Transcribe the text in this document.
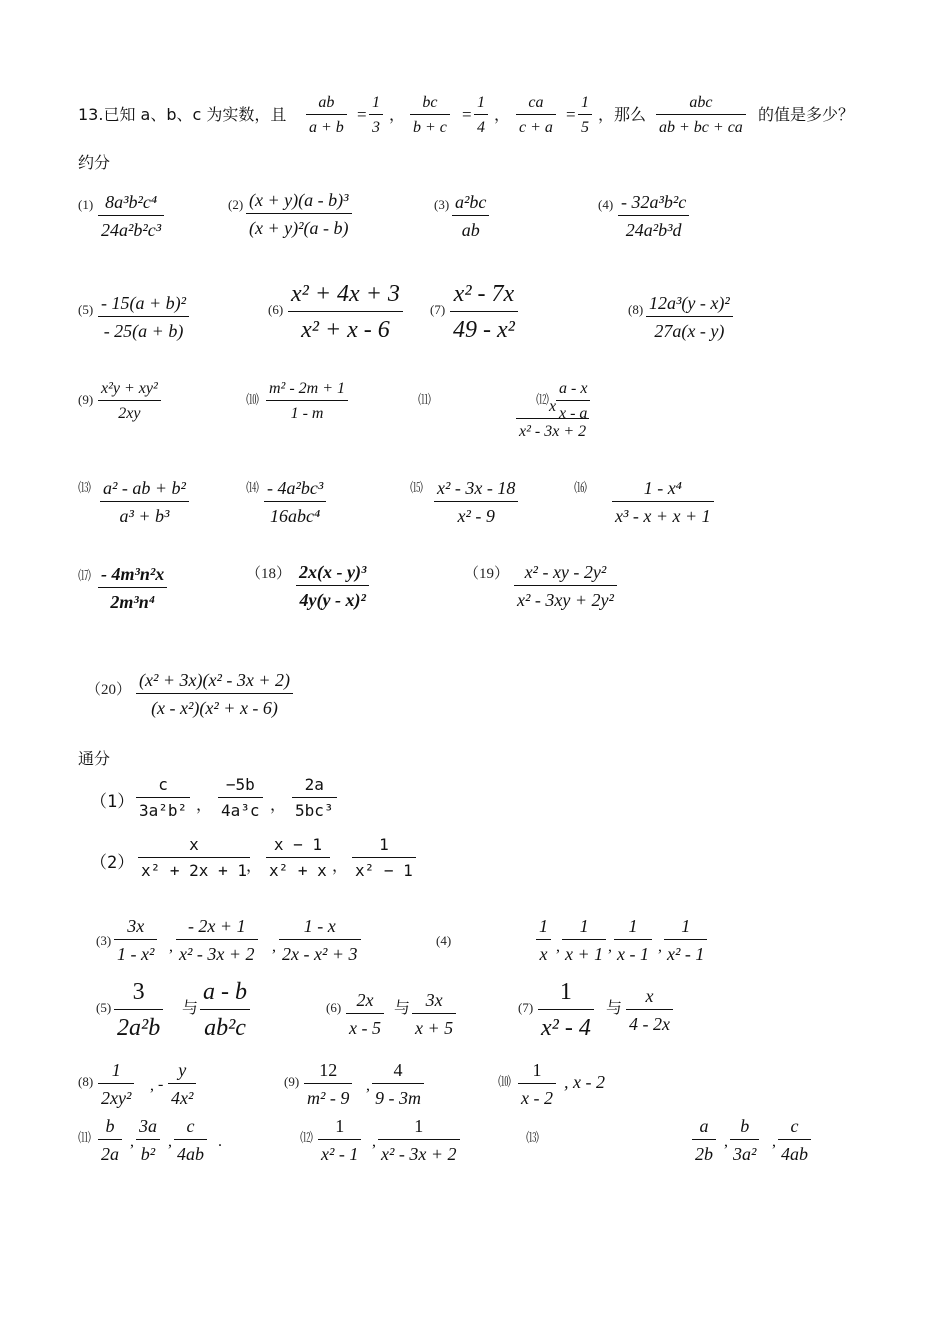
13.已知 a、b、c 为实数，且
ab
a + b
=
1
3
，
bc
b + c
=
1
4
，
ca
c + a
=
1
5
，那么
abc
ab + bc + ca
的值是多少？
约分
(1) 8a³b²c⁴
24a²b²c³
(2) (x + y)(a - b)³
(x + y)²(a - b)
(3) a²bc
ab
(4) - 32a³b²c
24a²b³d
(5) - 15(a + b)²
- 25(a + b)
(6)
x² + 4x + 3
x² + x - 6
(7)
x² - 7x
49 - x²
(8) 12a³(y - x)²
27a(x - y)
(9)
x²y + xy²
2xy
⑽
m² - 2m + 1
1 - m
⑾
a - x
x - a
⑿ x
x² - 3x + 2
⒀ a² - ab + b²
a³ + b³
⒁ - 4a²bc³
16abc⁴
⒂ x² - 3x - 18
x² - 9
⒃	1 - x⁴
x³ - x + x + 1
⒄ - 4m³n²x
2m³n⁴
（18） 2x(x - y)³
4y(y - x)²
（19） x² - xy - 2y²
x² - 3xy + 2y²
（20） (x² + 3x)(x² - 3x + 2)
(x - x²)(x² + x - 6)
通分
（1）
c
3a²b² ，
−5b
4a³c ，
2a
5bc³
（2）
x
x² + 2x + 1 ，
x − 1
x² + x ，
1
x² − 1
(3)
3x
1 - x² ,
- 2x + 1
x² - 3x + 2 ,
1 - x
2x - x² + 3
(4)
1
x ,
1
x + 1 ,
1
x - 1 ,
1
x² - 1
(5)
3
2a²b
与
a - b
ab²c
(6) 2x
x - 5
与 3x
x + 5
(7)
1
x² - 4
与
x
4 - 2x
(8)
1
2xy²
, -
y
4x²
(9)
12
m² - 9
,
4
9 - 3m
⑽
1
x - 2
, x - 2
⑾
b
2a
,
3a
b²
,
c
4ab
.	⑿
1
x² - 1
,
1
x² - 3x + 2
⒀
a
2b
,
b
3a²
,
c
4ab
